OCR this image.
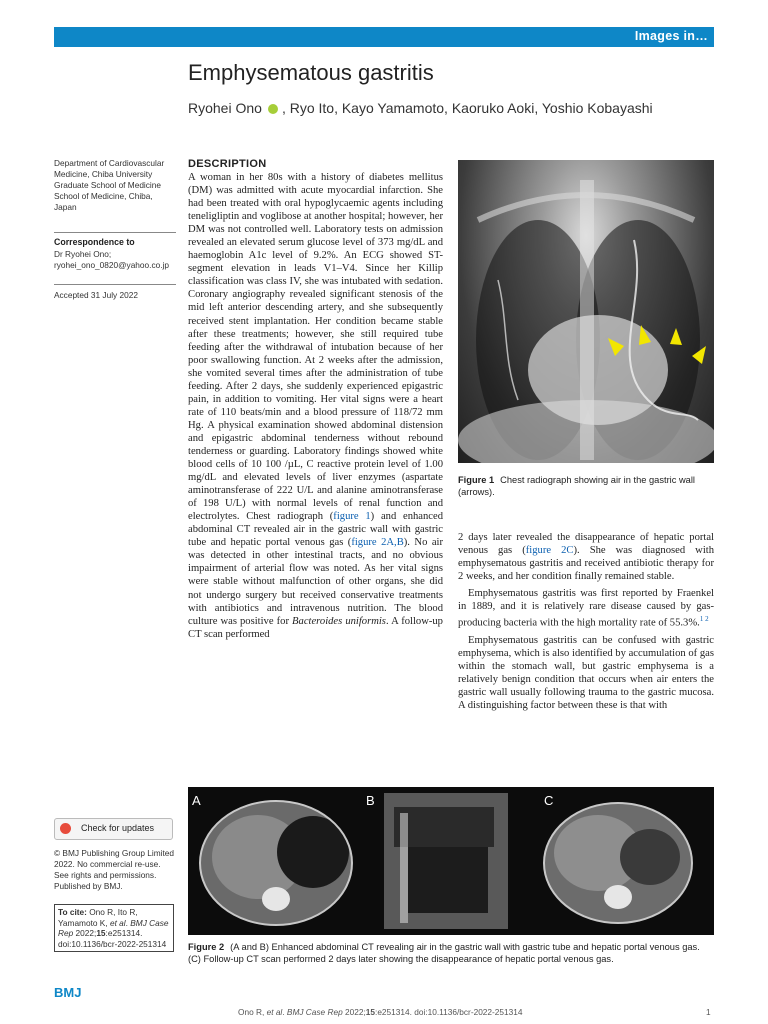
Images in…
Emphysematous gastritis
Ryohei Ono , Ryo Ito, Kayo Yamamoto, Kaoruko Aoki, Yoshio Kobayashi
Department of Cardiovascular Medicine, Chiba University Graduate School of Medicine School of Medicine, Chiba, Japan
Correspondence to
Dr Ryohei Ono;
ryohei_ono_0820@yahoo.co.jp
Accepted 31 July 2022
Check for updates
© BMJ Publishing Group Limited 2022. No commercial re-use. See rights and permissions. Published by BMJ.
To cite: Ono R, Ito R, Yamamoto K, et al. BMJ Case Rep 2022;15:e251314. doi:10.1136/bcr-2022-251314
DESCRIPTION

A woman in her 80s with a history of diabetes mellitus (DM) was admitted with acute myocardial infarction. She had been treated with oral hypoglycaemic agents including teneligliptin and voglibose at another hospital; however, her DM was not controlled well. Laboratory tests on admission revealed an elevated serum glucose level of 373 mg/dL and haemoglobin A1c level of 9.2%. An ECG showed ST-segment elevation in leads V1–V4. Since her Killip classification was class IV, she was intubated with sedation. Coronary angiography revealed significant stenosis of the mid left anterior descending artery, and she subsequently received stent implantation. Her condition became stable after these treatments; however, she still required tube feeding after the withdrawal of intubation because of her poor swallowing function. At 2 weeks after the admission, she vomited several times after the administration of tube feeding. After 2 days, she suddenly experienced epigastric pain, in addition to vomiting. Her vital signs were a heart rate of 110 beats/min and a blood pressure of 118/72 mm Hg. A physical examination showed abdominal distension and epigastric abdominal tenderness without rebound tenderness or guarding. Laboratory findings showed white blood cells of 10 100 /µL, C reactive protein level of 1.00 mg/dL and elevated levels of liver enzymes (aspartate aminotransferase of 222 U/L and alanine aminotransferase of 198 U/L) with normal levels of renal function and electrolytes. Chest radiograph (figure 1) and enhanced abdominal CT revealed air in the gastric wall with gastric tube and hepatic portal venous gas (figure 2A,B). No air was detected in other intestinal tracts, and no obvious impairment of arterial flow was noted. As her vital signs were stable without malfunction of other organs, she did not undergo surgery but received conservative treatments with antibiotics and intravenous nutrition. The blood culture was positive for Bacteroides uniformis. A follow-up CT scan performed

2 days later revealed the disappearance of hepatic portal venous gas (figure 2C). She was diagnosed with emphysematous gastritis and received antibiotic therapy for 2 weeks, and her condition finally remained stable.

Emphysematous gastritis was first reported by Fraenkel in 1889, and it is relatively rare disease caused by gas-producing bacteria with the high mortality rate of 55.3%.$^{1 2}$

Emphysematous gastritis can be confused with gastric emphysema, which is also identified by accumulation of gas within the stomach wall, but gastric emphysema is a relatively benign condition that occurs when air enters the gastric wall usually following trauma to the gastric mucosa. A distinguishing factor between these is that with

Figure 1 Chest radiograph showing air in the gastric wall (arrows).
A	B	C
Figure 2 (A and B) Enhanced abdominal CT revealing air in the gastric wall with gastric tube and hepatic portal venous gas. (C) Follow-up CT scan performed 2 days later showing the disappearance of hepatic portal venous gas.
BMJ
Ono R, et al. BMJ Case Rep 2022;15:e251314. doi:10.1136/bcr-2022-251314	1
